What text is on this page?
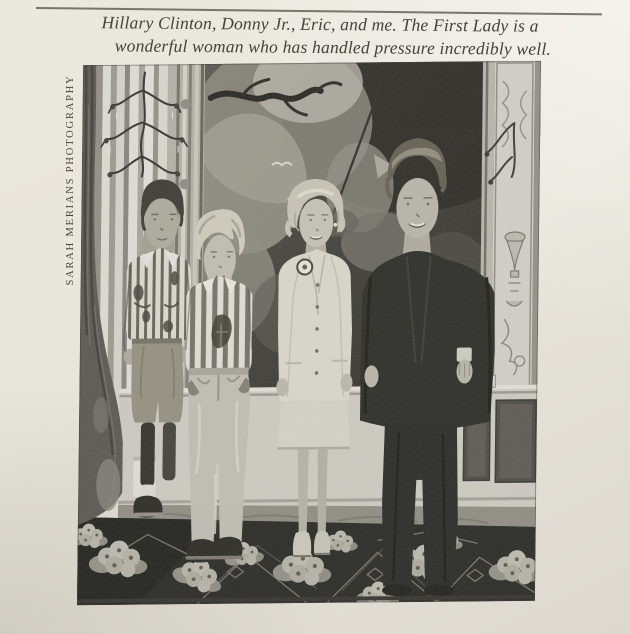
Hillary Clinton, Donny Jr., Eric, and me. The First Lady is a
wonderful woman who has handled pressure incredibly well.
SARAH MERIANS PHOTOGRAPHY
